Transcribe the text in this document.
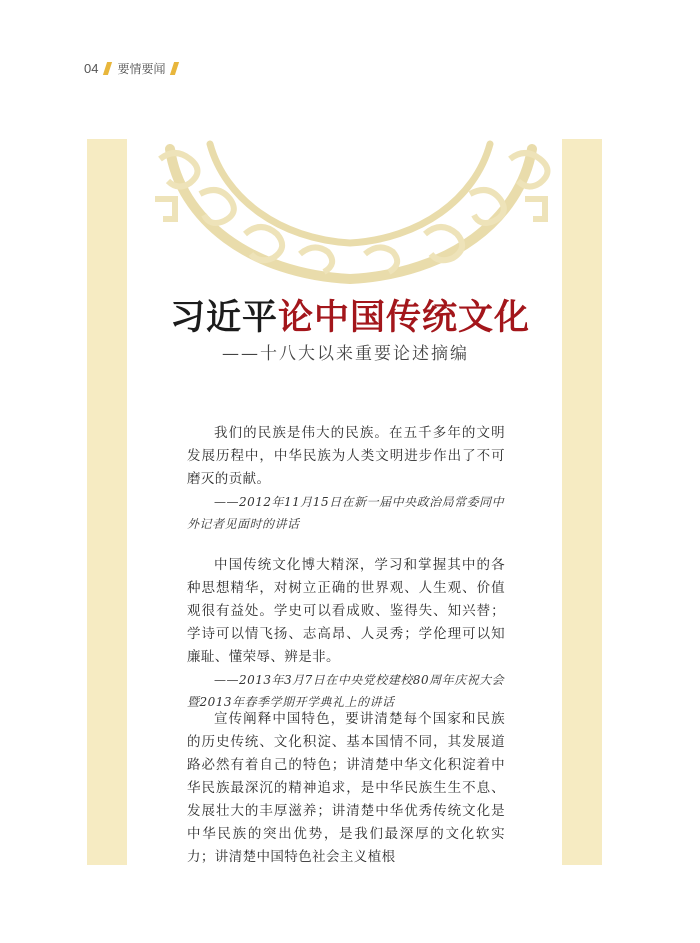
04 要情要闻
习近平论中国传统文化
——十八大以来重要论述摘编

我们的民族是伟大的民族。在五千多年的文明发展历程中，中华民族为人类文明进步作出了不可磨灭的贡献。

——2012年11月15日在新一届中央政治局常委同中外记者见面时的讲话

中国传统文化博大精深，学习和掌握其中的各种思想精华，对树立正确的世界观、人生观、价值观很有益处。学史可以看成败、鉴得失、知兴替；学诗可以情飞扬、志高昂、人灵秀；学伦理可以知廉耻、懂荣辱、辨是非。

——2013年3月7日在中央党校建校80周年庆祝大会暨2013年春季学期开学典礼上的讲话

宣传阐释中国特色，要讲清楚每个国家和民族的历史传统、文化积淀、基本国情不同，其发展道路必然有着自己的特色；讲清楚中华文化积淀着中华民族最深沉的精神追求，是中华民族生生不息、发展壮大的丰厚滋养；讲清楚中华优秀传统文化是中华民族的突出优势，是我们最深厚的文化软实力；讲清楚中国特色社会主义植根
